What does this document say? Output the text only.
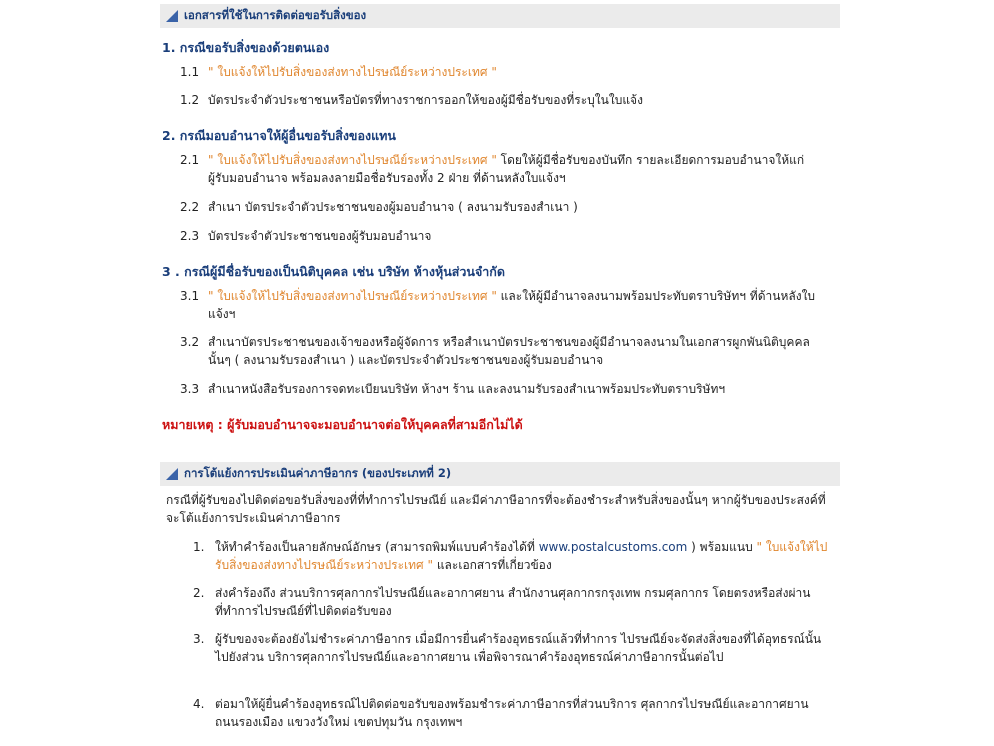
เอกสารที่ใช้ในการติดต่อขอรับสิ่งของ
1. กรณีขอรับสิ่งของด้วยตนเอง
1.1 " ใบแจ้งให้ไปรับสิ่งของส่งทางไปรษณีย์ระหว่างประเทศ "
1.2 บัตรประจำตัวประชาชนหรือบัตรที่ทางราชการออกให้ของผู้มีชื่อรับของที่ระบุในใบแจ้ง
2. กรณีมอบอำนาจให้ผู้อื่นขอรับสิ่งของแทน
2.1 " ใบแจ้งให้ไปรับสิ่งของส่งทางไปรษณีย์ระหว่างประเทศ " โดยให้ผู้มีชื่อรับของบันทึก รายละเอียดการมอบอำนาจให้แก่ผู้รับมอบอำนาจ พร้อมลงลายมือชื่อรับรองทั้ง 2 ฝ่าย ที่ด้านหลังใบแจ้งฯ
2.2 สำเนา บัตรประจำตัวประชาชนของผู้มอบอำนาจ ( ลงนามรับรองสำเนา )
2.3 บัตรประจำตัวประชาชนของผู้รับมอบอำนาจ
3 . กรณีผู้มีชื่อรับของเป็นนิติบุคคล เช่น บริษัท ห้างหุ้นส่วนจำกัด
3.1 " ใบแจ้งให้ไปรับสิ่งของส่งทางไปรษณีย์ระหว่างประเทศ " และให้ผู้มีอำนาจลงนามพร้อมประทับตราบริษัทฯ ที่ด้านหลังใบแจ้งฯ
3.2 สำเนาบัตรประชาชนของเจ้าของหรือผู้จัดการ หรือสำเนาบัตรประชาชนของผู้มีอำนาจลงนามในเอกสารผูกพันนิติบุคคลนั้นๆ ( ลงนามรับรองสำเนา ) และบัตรประจำตัวประชาชนของผู้รับมอบอำนาจ
3.3 สำเนาหนังสือรับรองการจดทะเบียนบริษัท ห้างฯ ร้าน และลงนามรับรองสำเนาพร้อมประทับตราบริษัทฯ
หมายเหตุ : ผู้รับมอบอำนาจจะมอบอำนาจต่อให้บุคคลที่สามอีกไม่ได้
การโต้แย้งการประเมินค่าภาษีอากร (ของประเภทที่ 2)
กรณีที่ผู้รับของไปติดต่อขอรับสิ่งของที่ที่ทำการไปรษณีย์ และมีค่าภาษีอากรที่จะต้องชำระสำหรับสิ่งของนั้นๆ หากผู้รับของประสงค์ที่จะโต้แย้งการประเมินค่าภาษีอากร
1. ให้ทำคำร้องเป็นลายลักษณ์อักษร (สามารถพิมพ์แบบคำร้องได้ที่ www.postalcustoms.com ) พร้อมแนบ " ใบแจ้งให้ไปรับสิ่งของส่งทางไปรษณีย์ระหว่างประเทศ " และเอกสารที่เกี่ยวข้อง
2. ส่งคำร้องถึง ส่วนบริการศุลกากรไปรษณีย์และอากาศยาน สำนักงานศุลกากรกรุงเทพ กรมศุลกากร โดยตรงหรือส่งผ่านที่ทำการไปรษณีย์ที่ไปติดต่อรับของ
3. ผู้รับของจะต้องยังไม่ชำระค่าภาษีอากร เมื่อมีการยื่นคำร้องอุทธรณ์แล้วที่ทำการ ไปรษณีย์จะจัดส่งสิ่งของที่ได้อุทธรณ์นั้น ไปยังส่วน บริการศุลกากรไปรษณีย์และอากาศยาน เพื่อพิจารณาคำร้องอุทธรณ์ค่าภาษีอากรนั้นต่อไป
4. ต่อมาให้ผู้ยื่นคำร้องอุทธรณ์ไปติดต่อขอรับของพร้อมชำระค่าภาษีอากรที่ส่วนบริการ ศุลกากรไปรษณีย์และอากาศยาน ถนนรองเมือง แขวงวังใหม่ เขตปทุมวัน กรุงเทพฯ
